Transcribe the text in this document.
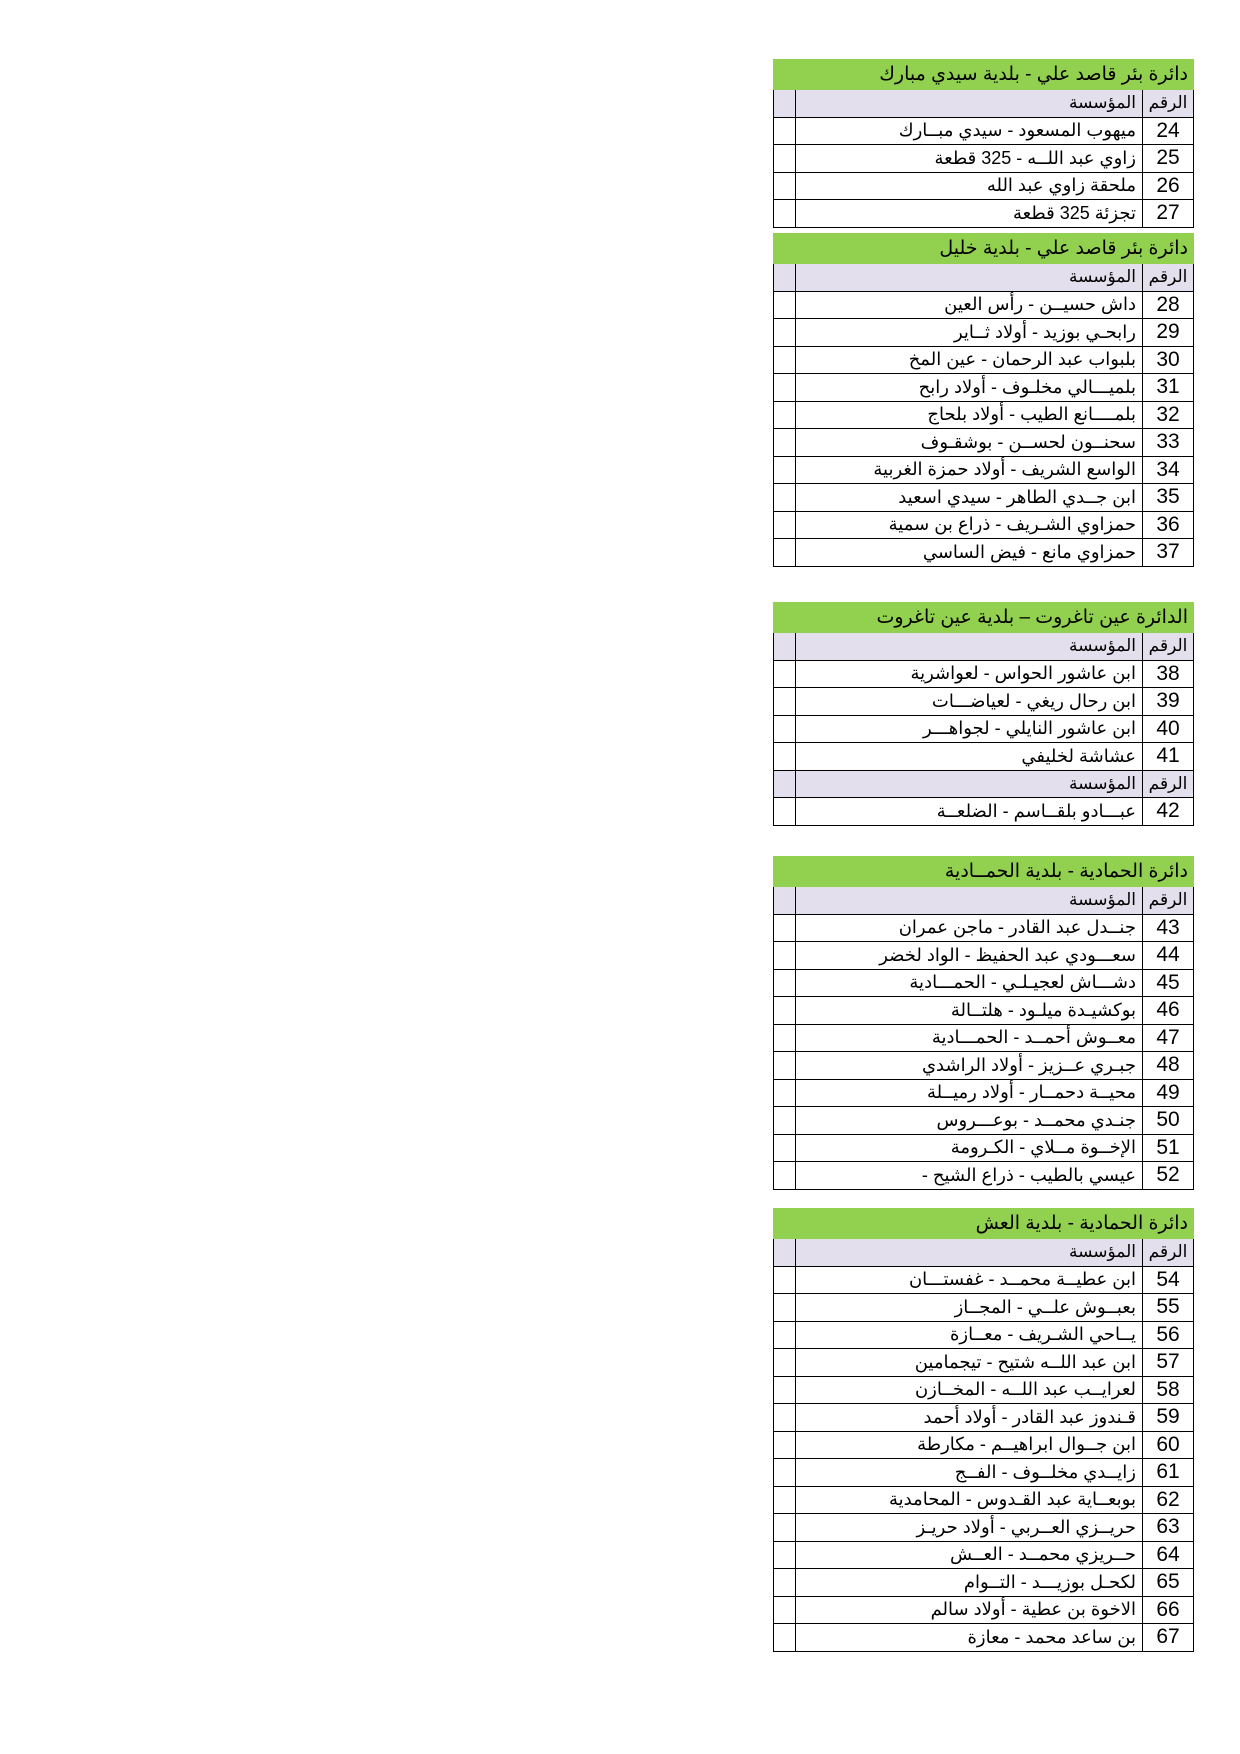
دائرة بئر قاصد علي - بلدية سيدي مبارك
الرقم
المؤسسة
24
ميهوب المسعود - سيدي مبــارك
25
زاوي عبد اللــه - 325 قطعة
26
ملحقة زاوي عبد الله
27
تجزئة 325 قطعة
دائرة بئر قاصد علي - بلدية خليل
الرقم
المؤسسة
28
داش حسيــن - رأس العين
29
رابحـي بوزيد - أولاد ثــاير
30
بلبواب عبد الرحمان - عين المخ
31
بلميـــالي مخلـوف - أولاد رابح
32
بلمــــانع الطيب - أولاد بلحاج
33
سحنــون لحســن - بوشقـوف
34
الواسع الشريف - أولاد حمزة الغربية
35
ابن جــدي الطاهر - سيدي اسعيد
36
حمزاوي الشـريف - ذراع بن سمية
37
حمزاوي مانع - فيض الساسي
الدائرة عين تاغروت – بلدية عين تاغروت
الرقم
المؤسسة
38
ابن عاشور الحواس - لعواشرية
39
ابن رحال ريغي - لعياضـــات
40
ابن عاشور النايلي - لجواهـــر
41
عشاشة لخليفي
الرقم
المؤسسة
42
عبـــادو بلقــاسم - الضلعــة
دائرة الحمادية - بلدية الحمــادية
الرقم
المؤسسة
43
جنــدل عبد القادر - ماجن عمران
44
سعـــودي عبد الحفيظ - الواد لخضر
45
دشـــاش لعجيـلـي - الحمـــادية
46
بوكشيـدة ميلـود - هلتــالة
47
معــوش أحمــد - الحمـــادية
48
جبـري عــزيز - أولاد الراشدي
49
محيــة دحمــار - أولاد رميــلة
50
جنـدي محمــد - بوعـــروس
51
الإخــوة مــلاي - الكـرومة
52
عيسي بالطيب - ذراع الشيح -
دائرة الحمادية - بلدية العش
الرقم
المؤسسة
54
ابن عطيــة محمــد - غفستـــان
55
بعبــوش علــي - المجــاز
56
يــاحي الشـريف - معــازة
57
ابن عبد اللــه شتيح - تيجمامين
58
لعرايــب عبد اللــه - المخــازن
59
قـندوز عبد القادر - أولاد أحمد
60
ابن جــوال ابراهيــم - مكارطة
61
زايــدي مخلــوف - الفــج
62
بوبعــاية عبد القـدوس - المحامدية
63
حريــزي العــربي - أولاد حريـز
64
حــريزي محمــد - العــش
65
لكحـل بوزيـــد - التــوام
66
الاخوة بن عطية - أولاد سالم
67
بن ساعد محمد - معازة
